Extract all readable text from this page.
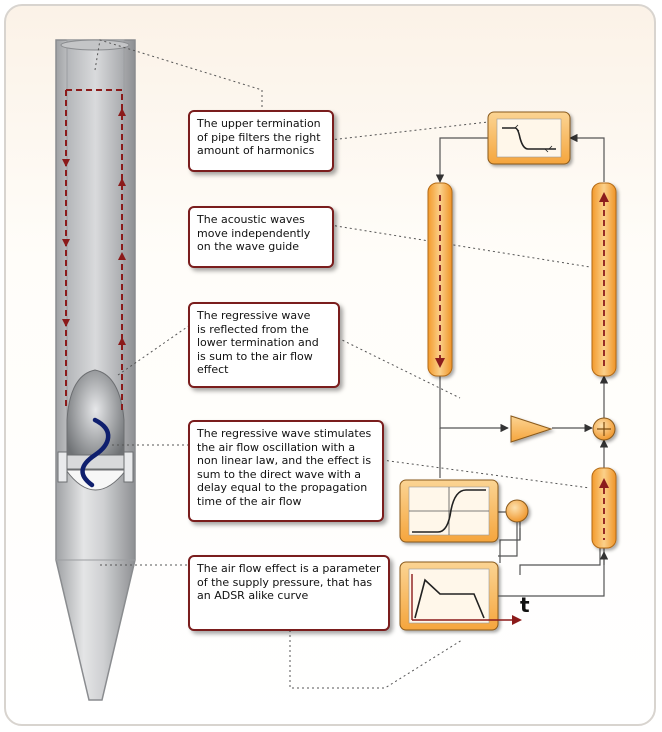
t
The upper termination
of pipe filters the right
amount of harmonics
The acoustic waves
move independently
on the wave guide
The regressive wave
is reflected from the
lower termination and
is sum to the air flow
effect
The regressive wave stimulates
the air flow oscillation with a
non linear law, and the effect is
sum to the direct wave with a
delay equal to the propagation
time of the air flow
The air flow effect is a parameter
of the supply pressure, that has
an ADSR alike curve
